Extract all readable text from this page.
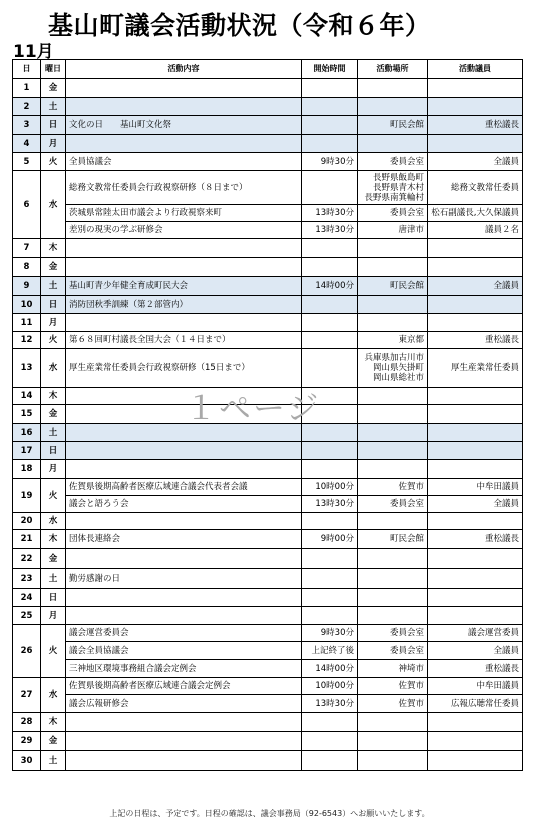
基山町議会活動状況（令和６年）
11月
日	曜日	活動内容	開始時間	活動場所	活動議員
1	金				
2	土				
3	日	文化の日　　基山町文化祭		町民会館	重松議長
4	月				
5	火	全員協議会	9時30分	委員会室	全議員
6	水	総務文教常任委員会行政視察研修（８日まで）		長野県飯島町
長野県青木村
長野県南箕輪村	総務文教常任委員
		茨城県常陸太田市議会より行政視察来町	13時30分	委員会室	松石副議長,大久保議員
		差別の現実の学ぶ研修会	13時30分	唐津市	議員２名
7	木				
8	金				
9	土	基山町青少年健全育成町民大会	14時00分	町民会館	全議員
10	日	消防団秋季訓練（第２部管内）			
11	月				
12	火	第６８回町村議長全国大会（１４日まで）		東京都	重松議長
13	水	厚生産業常任委員会行政視察研修（15日まで）		兵庫県加古川市
岡山県矢掛町
岡山県総社市	厚生産業常任委員
14	木				
15	金				
16	土				
17	日				
18	月				
19	火	佐賀県後期高齢者医療広域連合議会代表者会議	10時00分	佐賀市	中牟田議員
		議会と語ろう会	13時30分	委員会室	全議員
20	水				
21	木	団体長連絡会	9時00分	町民会館	重松議長
22	金				
23	土	勤労感謝の日			
24	日				
25	月				
26	火	議会運営委員会	9時30分	委員会室	議会運営委員
		議会全員協議会	上記終了後	委員会室	全議員
		三神地区環境事務組合議会定例会	14時00分	神埼市	重松議長
27	水	佐賀県後期高齢者医療広域連合議会定例会	10時00分	佐賀市	中牟田議員
		議会広報研修会	13時30分	佐賀市	広報広聴常任委員
28	木				
29	金				
30	土				
１ページ
上記の日程は、予定です。日程の確認は、議会事務局（92-6543）へお願いいたします。
